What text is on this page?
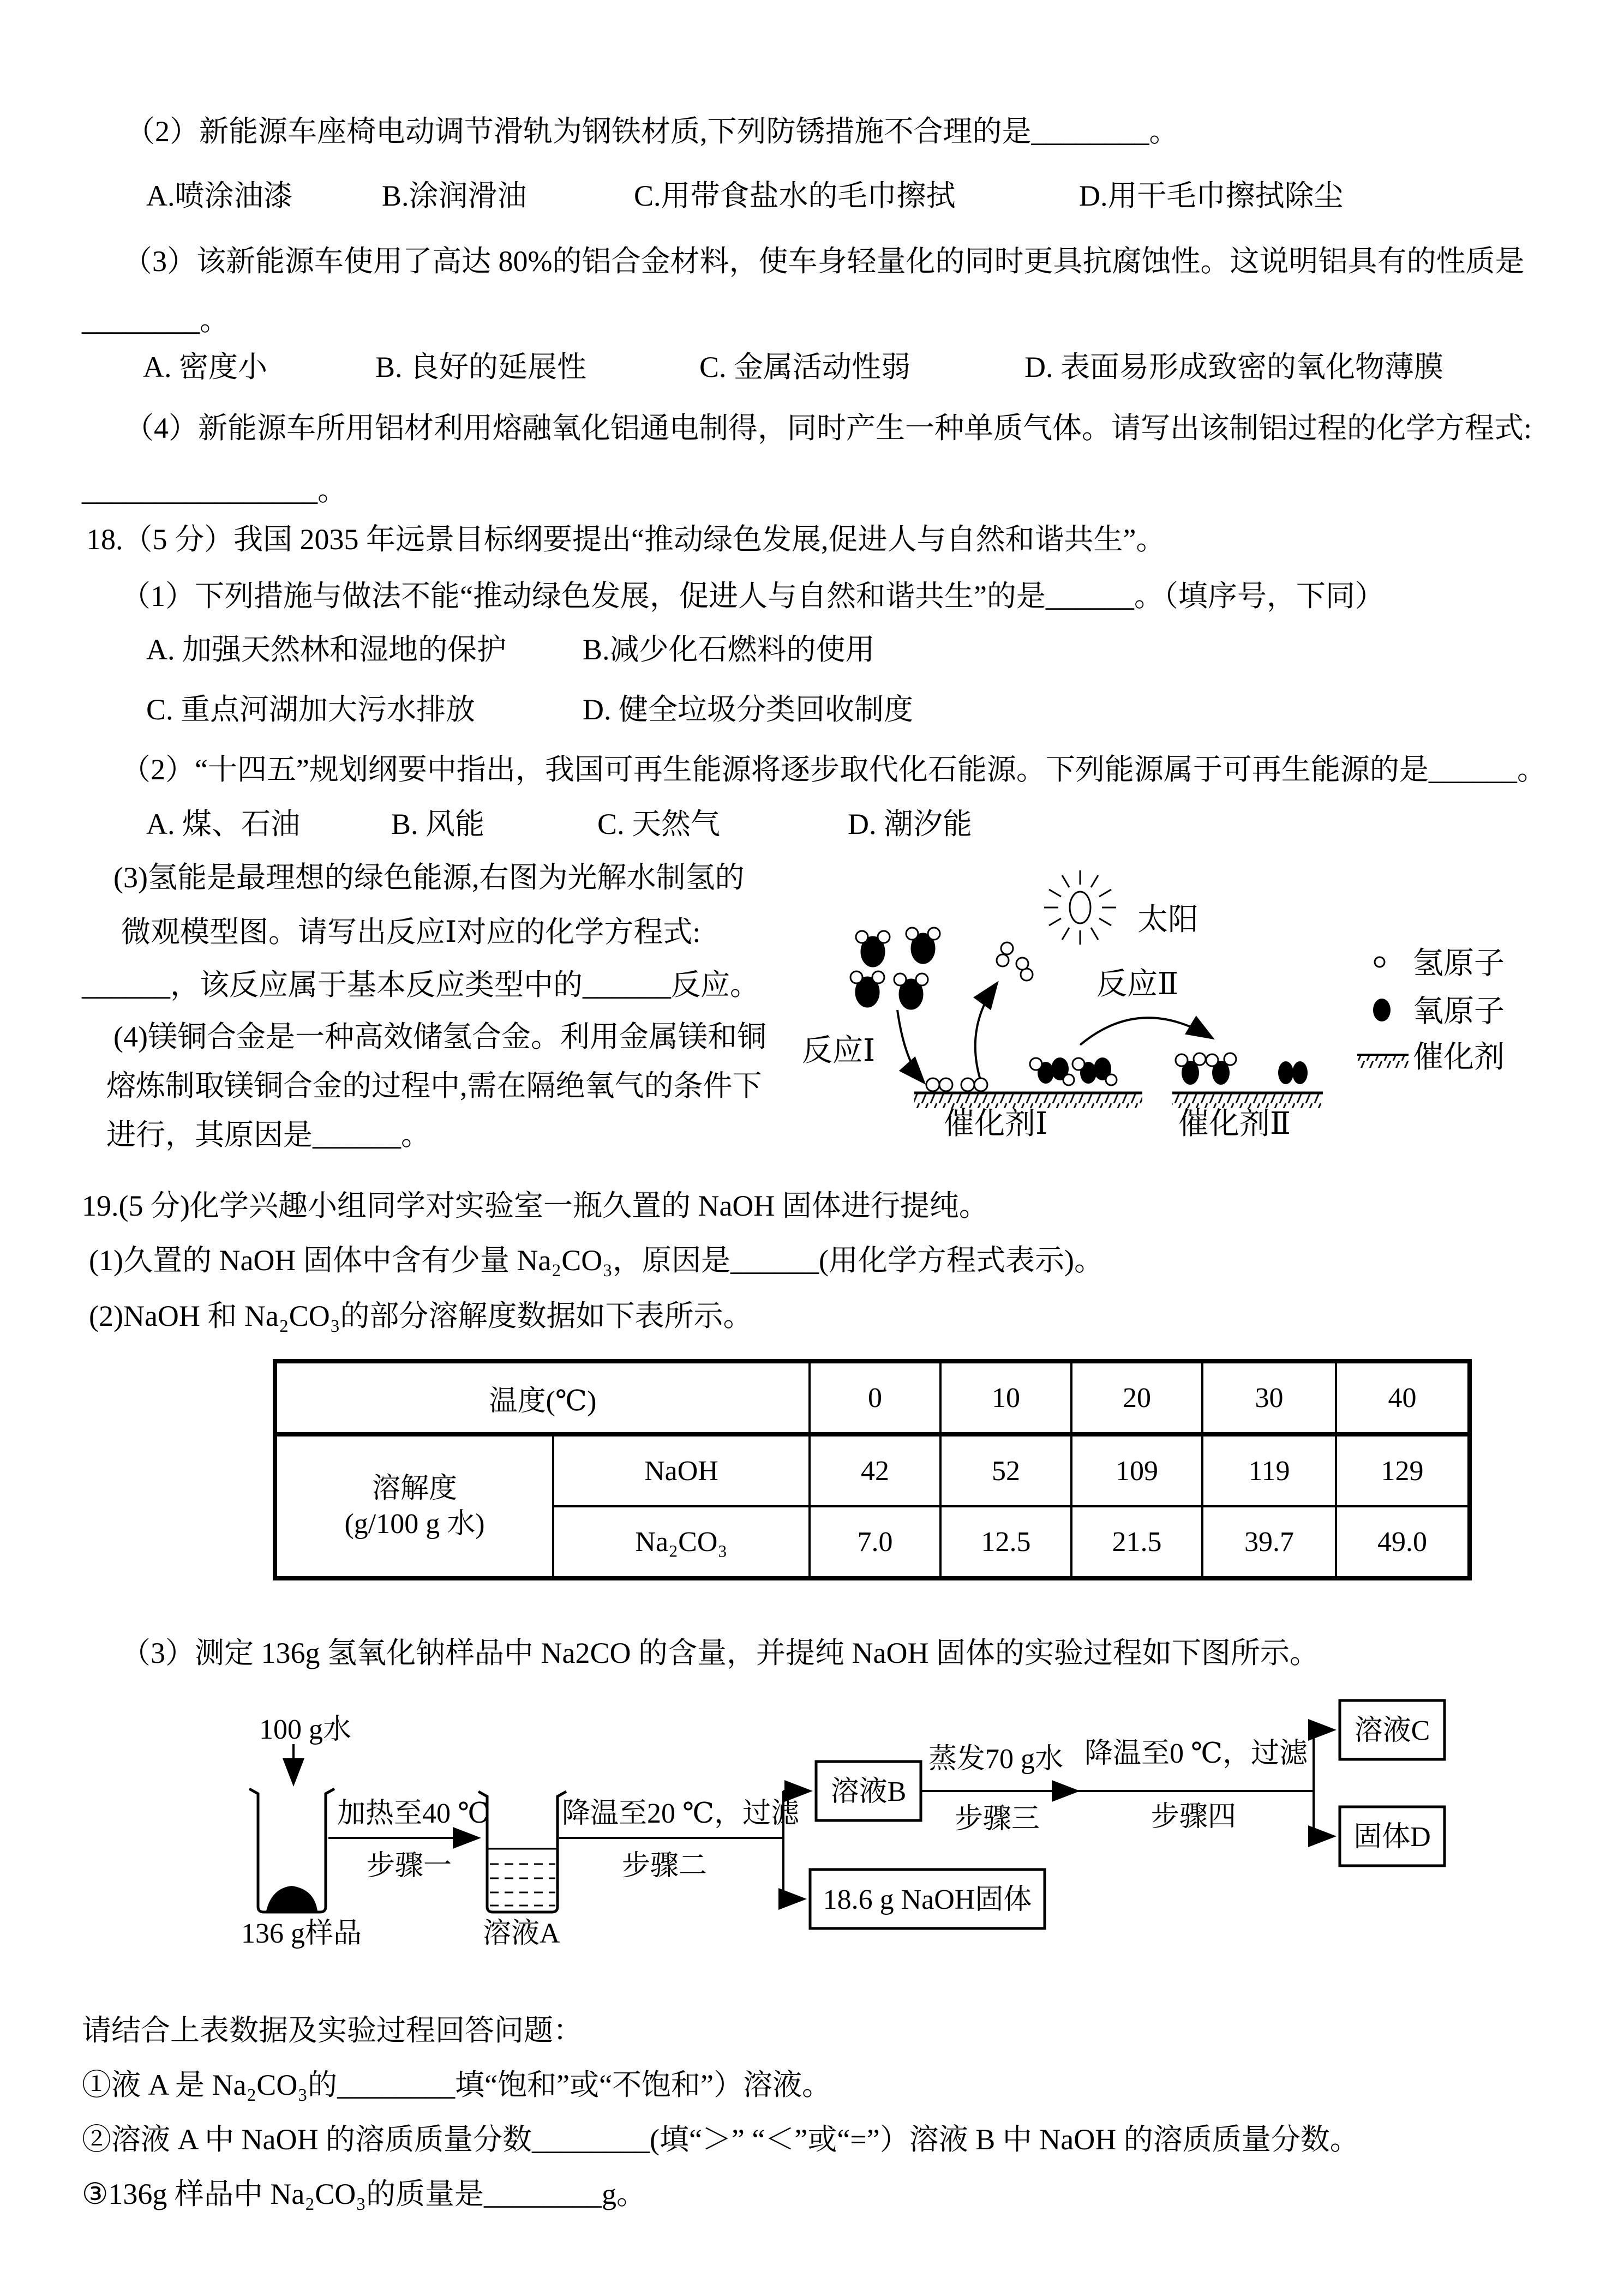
（2）新能源车座椅电动调节滑轨为钢铁材质,下列防锈措施不合理的是________。
A.喷涂油漆	B.涂润滑油	C.用带食盐水的毛巾擦拭	D.用干毛巾擦拭除尘
（3）该新能源车使用了高达 80%的铝合金材料，使车身轻量化的同时更具抗腐蚀性。这说明铝具有的性质是
________。
A. 密度小	B. 良好的延展性	C. 金属活动性弱	D. 表面易形成致密的氧化物薄膜
（4）新能源车所用铝材利用熔融氧化铝通电制得，同时产生一种单质气体。请写出该制铝过程的化学方程式:
________________。
18.（5 分）我国 2035 年远景目标纲要提出“推动绿色发展,促进人与自然和谐共生”。
（1）下列措施与做法不能“推动绿色发展，促进人与自然和谐共生”的是______。（填序号，下同）
A. 加强天然林和湿地的保护	B.减少化石燃料的使用
C. 重点河湖加大污水排放	D. 健全垃圾分类回收制度
（2）“十四五”规划纲要中指出，我国可再生能源将逐步取代化石能源。下列能源属于可再生能源的是______。
A. 煤、石油	B. 风能	C. 天然气	D. 潮汐能
(3)氢能是最理想的绿色能源,右图为光解水制氢的
微观模型图。请写出反应Ⅰ对应的化学方程式:
______，该反应属于基本反应类型中的______反应。
(4)镁铜合金是一种高效储氢合金。利用金属镁和铜
熔炼制取镁铜合金的过程中,需在隔绝氧气的条件下
进行，其原因是______。
太阳
反应Ⅰ
反应Ⅱ
催化剂Ⅰ	催化剂Ⅱ
氢原子
氧原子
催化剂
19.(5 分)化学兴趣小组同学对实验室一瓶久置的 NaOH 固体进行提纯。
(1)久置的 NaOH 固体中含有少量 Na₂CO₃，原因是______(用化学方程式表示)。
(2)NaOH 和 Na₂CO₃的部分溶解度数据如下表所示。
温度(℃)		0	10	20	30	40

溶解度
(g/100 g 水)	NaOH	42	52	109	119	129
	Na₂CO₃	7.0	12.5	21.5	39.7	49.0
（3）测定 136g 氢氧化钠样品中 Na2CO 的含量，并提纯 NaOH 固体的实验过程如下图所示。
100 g水
136 g样品
加热至40 ℃
步骤一
溶液A
降温至20 ℃，过滤
步骤二
溶液B
18.6 g NaOH固体
蒸发70 g水
步骤三
降温至0 ℃，过滤
步骤四
溶液C
固体D
请结合上表数据及实验过程回答问题：
①液 A 是 Na₂CO₃的________填“饱和”或“不饱和”）溶液。
②溶液 A 中 NaOH 的溶质质量分数________(填“＞” “＜”或“=”）溶液 B 中 NaOH 的溶质质量分数。
③136g 样品中 Na₂CO₃的质量是________g。
